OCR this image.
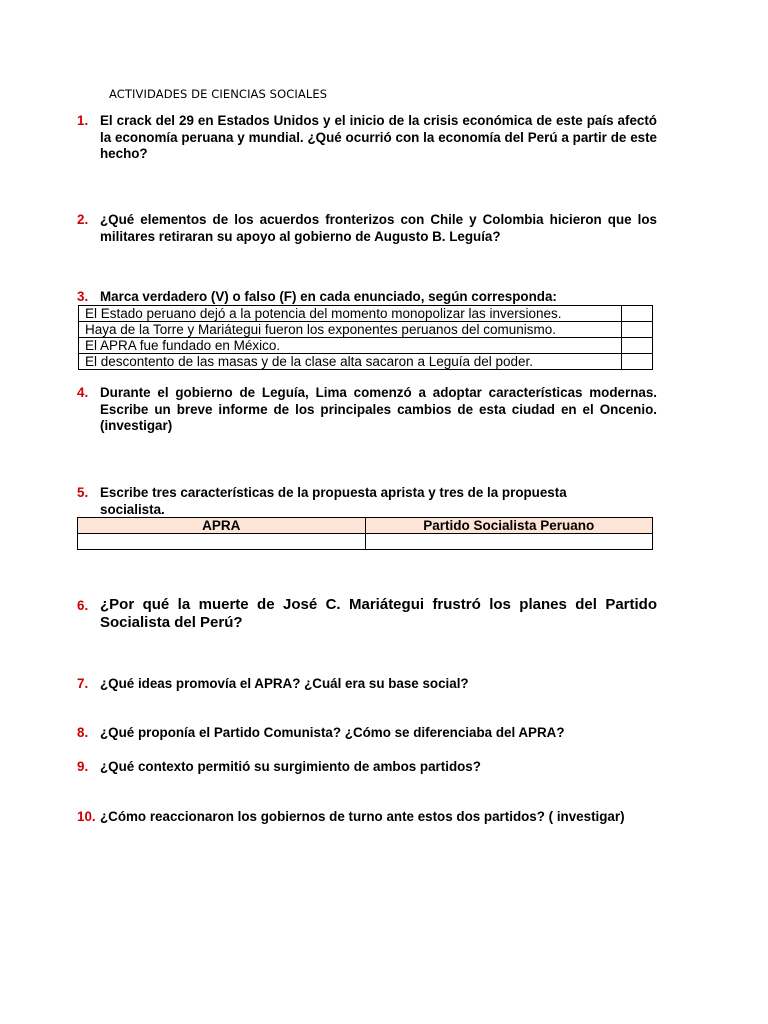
ACTIVIDADES DE CIENCIAS SOCIALES
1. El crack del 29 en Estados Unidos y el inicio de la crisis económica de este país afectó la economía peruana y mundial. ¿Qué ocurrió con la economía del Perú a partir de este hecho?
2. ¿Qué elementos de los acuerdos fronterizos con Chile y Colombia hicieron que los militares retiraran su apoyo al gobierno de Augusto B. Leguía?
3. Marca verdadero (V) o falso (F) en cada enunciado, según corresponda:
El Estado peruano dejó a la potencia del momento monopolizar las inversiones.	
Haya de la Torre y Mariátegui fueron los exponentes peruanos del comunismo.	
El APRA fue fundado en México.	
El descontento de las masas y de la clase alta sacaron a Leguía del poder.	
4. Durante el gobierno de Leguía, Lima comenzó a adoptar características modernas. Escribe un breve informe de los principales cambios de esta ciudad en el Oncenio.(investigar)
5. Escribe tres características de la propuesta aprista y tres de la propuesta socialista.
APRA	Partido Socialista Peruano

6. ¿Por qué la muerte de José C. Mariátegui frustró los planes del Partido Socialista del Perú?
7. ¿Qué ideas promovía el APRA? ¿Cuál era su base social?
8. ¿Qué proponía el Partido Comunista? ¿Cómo se diferenciaba del APRA?
9. ¿Qué contexto permitió su surgimiento de ambos partidos?
10. ¿Cómo reaccionaron los gobiernos de turno ante estos dos partidos? ( investigar)
